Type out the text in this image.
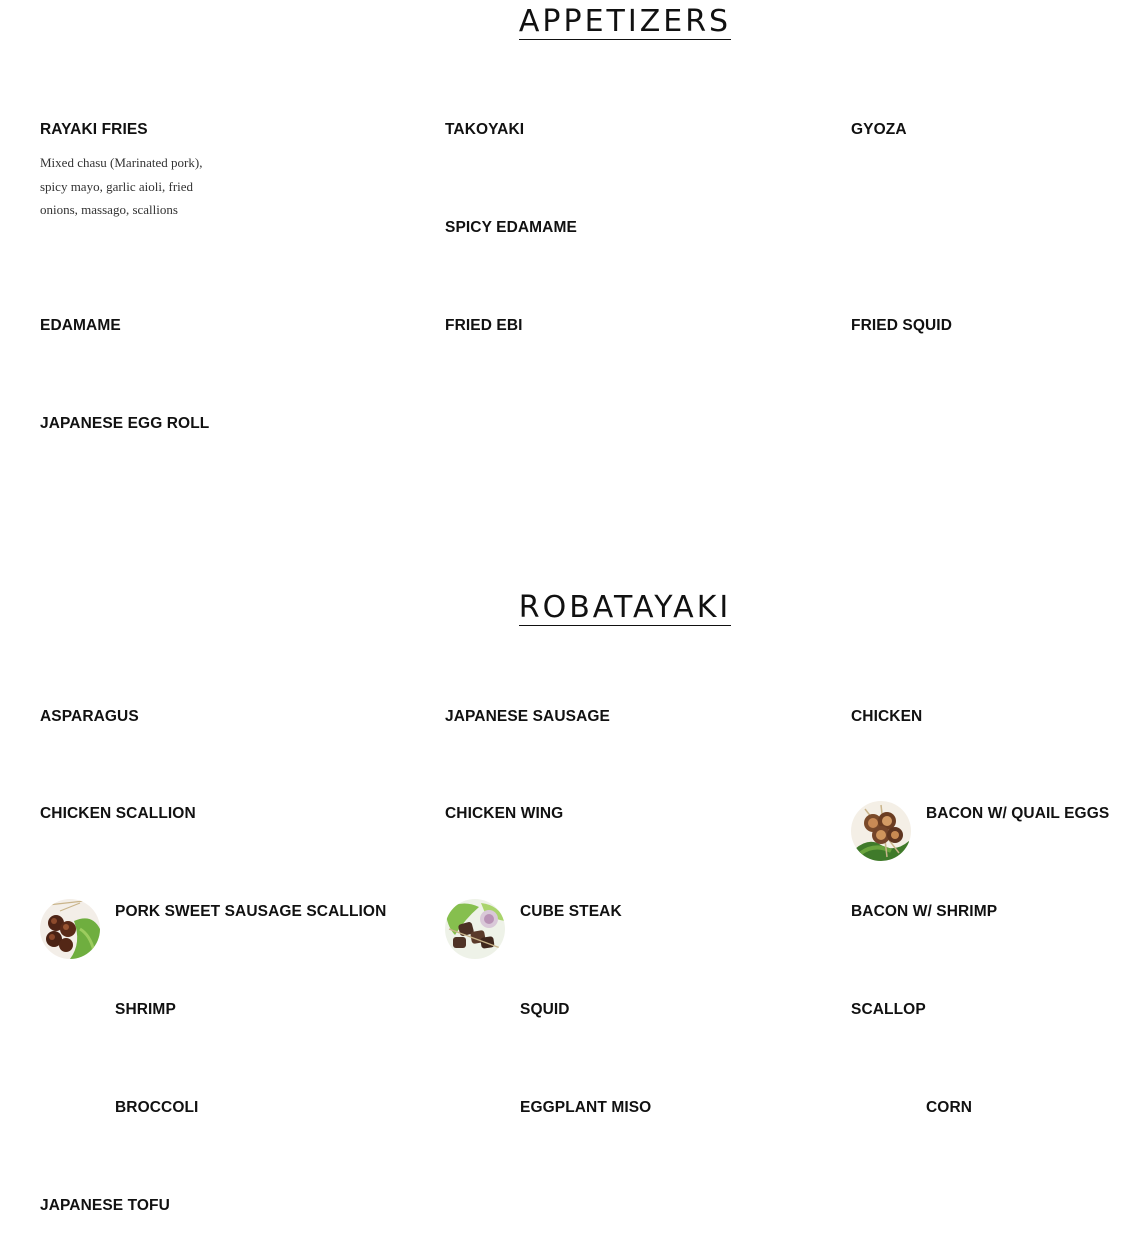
APPETIZERS
RAYAKI FRIES
Mixed chasu (Marinated pork), spicy mayo, garlic aioli, fried onions, massago, scallions
TAKOYAKI	GYOZA
SPICY EDAMAME
EDAMAME	FRIED EBI	FRIED SQUID
JAPANESE EGG ROLL
ROBATAYAKI
ASPARAGUS	JAPANESE SAUSAGE	CHICKEN
CHICKEN SCALLION	CHICKEN WING	BACON W/ QUAIL EGGS
PORK SWEET SAUSAGE SCALLION	CUBE STEAK	BACON W/ SHRIMP
SHRIMP	SQUID	SCALLOP
BROCCOLI	EGGPLANT MISO	CORN
JAPANESE TOFU
